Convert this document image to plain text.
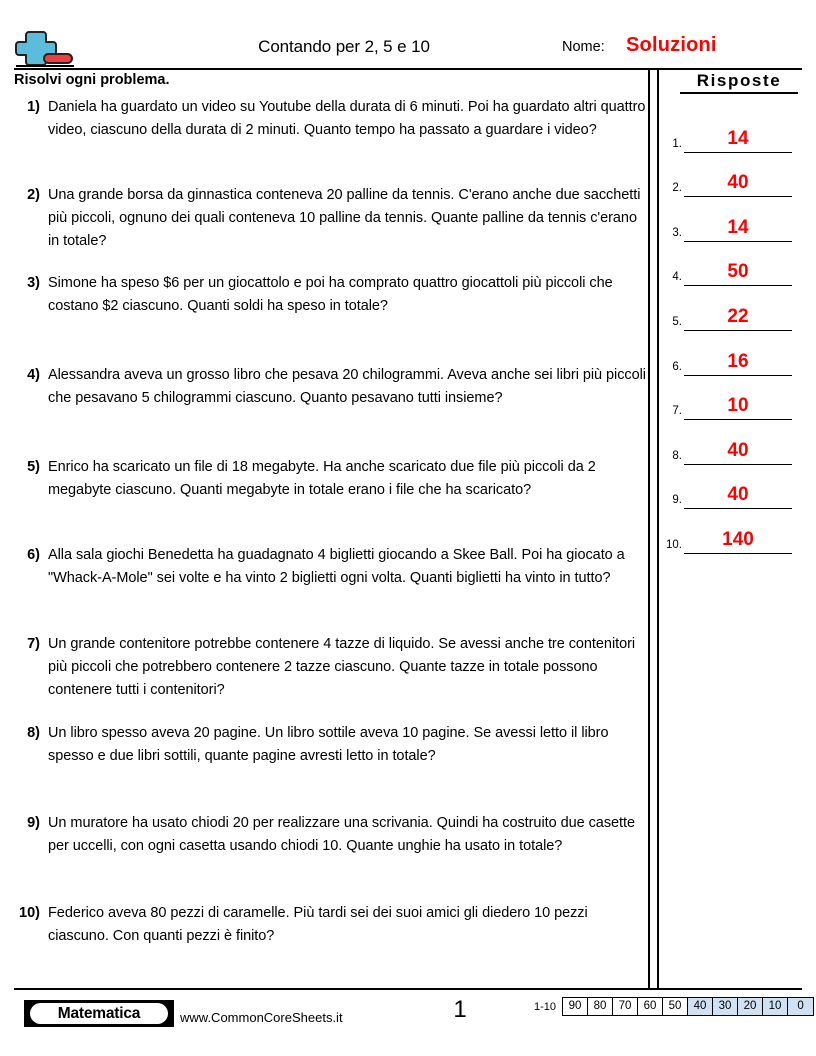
Contando per 2, 5 e 10	Nome: Soluzioni
Risolvi ogni problema.
1) Daniela ha guardato un video su Youtube della durata di 6 minuti. Poi ha guardato altri quattro video, ciascuno della durata di 2 minuti. Quanto tempo ha passato a guardare i video?
2) Una grande borsa da ginnastica conteneva 20 palline da tennis. C'erano anche due sacchetti più piccoli, ognuno dei quali conteneva 10 palline da tennis. Quante palline da tennis c'erano in totale?
3) Simone ha speso $6 per un giocattolo e poi ha comprato quattro giocattoli più piccoli che costano $2 ciascuno. Quanti soldi ha speso in totale?
4) Alessandra aveva un grosso libro che pesava 20 chilogrammi. Aveva anche sei libri più piccoli che pesavano 5 chilogrammi ciascuno. Quanto pesavano tutti insieme?
5) Enrico ha scaricato un file di 18 megabyte. Ha anche scaricato due file più piccoli da 2 megabyte ciascuno. Quanti megabyte in totale erano i file che ha scaricato?
6) Alla sala giochi Benedetta ha guadagnato 4 biglietti giocando a Skee Ball. Poi ha giocato a "Whack-A-Mole" sei volte e ha vinto 2 biglietti ogni volta. Quanti biglietti ha vinto in tutto?
7) Un grande contenitore potrebbe contenere 4 tazze di liquido. Se avessi anche tre contenitori più piccoli che potrebbero contenere 2 tazze ciascuno. Quante tazze in totale possono contenere tutti i contenitori?
8) Un libro spesso aveva 20 pagine. Un libro sottile aveva 10 pagine. Se avessi letto il libro spesso e due libri sottili, quante pagine avresti letto in totale?
9) Un muratore ha usato chiodi 20 per realizzare una scrivania. Quindi ha costruito due casette per uccelli, con ogni casetta usando chiodi 10. Quante unghie ha usato in totale?
10) Federico aveva 80 pezzi di caramelle. Più tardi sei dei suoi amici gli diedero 10 pezzi ciascuno. Con quanti pezzi è finito?
Risposte
1.	14
2.	40
3.	14
4.	50
5.	22
6.	16
7.	10
8.	40
9.	40
10.	140
Matematica	www.CommonCoreSheets.it	1	1-10	90	80	70	60	50	40	30	20	10	0
